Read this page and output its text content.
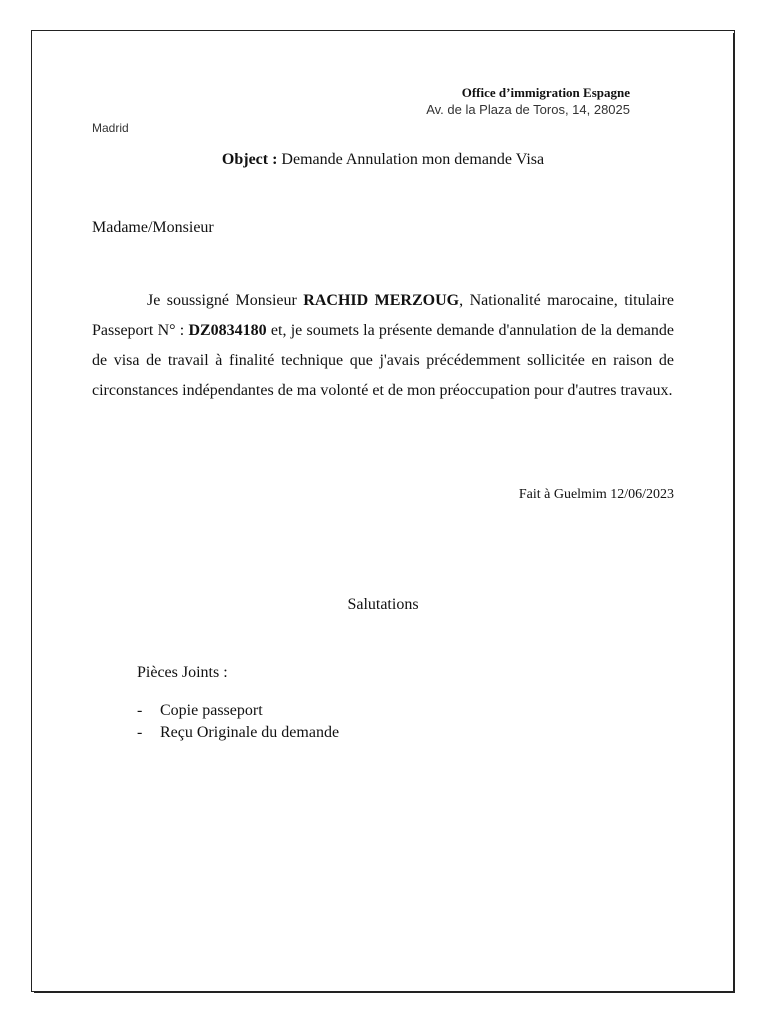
Office d’immigration Espagne
Av. de la Plaza de Toros, 14, 28025
Madrid
Object : Demande Annulation mon demande Visa
Madame/Monsieur
Je soussigné Monsieur RACHID MERZOUG, Nationalité marocaine, titulaire Passeport N° : DZ0834180 et, je soumets la présente demande d'annulation de la demande de visa de travail à finalité technique que j'avais précédemment sollicitée en raison de circonstances indépendantes de ma volonté et de mon préoccupation pour d'autres travaux.
Fait à Guelmim 12/06/2023
Salutations
Pièces Joints :
-	Copie passeport
-	Reçu Originale du demande
